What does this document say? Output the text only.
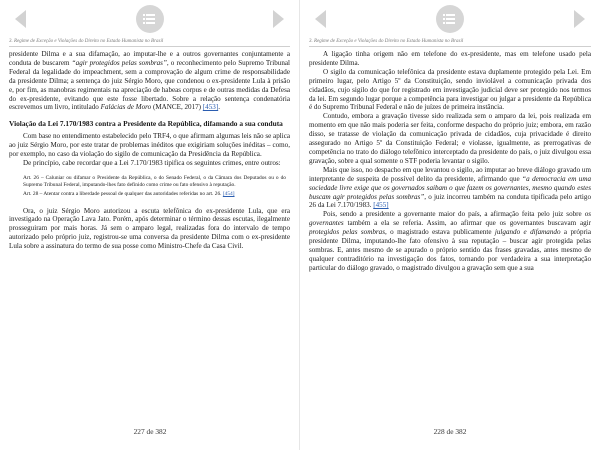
3. Regime de Exceção e Violações do Direito no Estado Humanista no Brasil

presidente Dilma e a sua difamação, ao imputar-lhe e a outros governantes conjuntamente a conduta de buscarem “agir protegidos pelas sombras”, o reconhecimento pelo Supremo Tribunal Federal da legalidade do impeachment, sem a comprovação de algum crime de responsabilidade da presidente Dilma; a sentença do juiz Sérgio Moro, que condenou o ex-presidente Lula à prisão e, por fim, as manobras regimentais na apreciação de habeas corpus e de outras medidas da Defesa do ex-presidente, evitando que este fosse libertado. Sobre a relação sentença condenatória escrevemos um livro, intitulado Falácias de Moro (MANCE, 2017) [453].

Violação da Lei 7.170/1983 contra a Presidente da República, difamando a sua conduta

Com base no entendimento estabelecido pelo TRF4, o que afirmam algumas leis não se aplica ao juiz Sérgio Moro, por este tratar de problemas inéditos que exigiriam soluções inéditas – como, por exemplo, no caso da violação do sigilo de comunicação da Presidência da República.

De princípio, cabe recordar que a Lei 7.170/1983 tipifica os seguintes crimes, entre outros:

Art. 26 – Caluniar ou difamar o Presidente da República, o do Senado Federal, o da Câmara dos Deputados ou o do Supremo Tribunal Federal, imputando-lhes fato definido como crime ou fato ofensivo à reputação.

Art. 28 – Atentar contra a liberdade pessoal de qualquer das autoridades referidas no art. 26. [454]

Ora, o juiz Sérgio Moro autorizou a escuta telefônica do ex-presidente Lula, que era investigado na Operação Lava Jato. Porém, após determinar o término dessas escutas, ilegalmente prosseguiram por mais horas. Já sem o amparo legal, realizadas fora do intervalo de tempo autorizado pelo próprio juiz, registrou-se uma conversa da presidente Dilma com o ex-presidente Lula sobre a assinatura do termo de sua posse como Ministro-Chefe da Casa Civil.

227 de 382
3. Regime de Exceção e Violações do Direito no Estado Humanista no Brasil

A ligação tinha origem não em telefone do ex-presidente, mas em telefone usado pela presidente Dilma.

O sigilo da comunicação telefônica da presidente estava duplamente protegido pela Lei. Em primeiro lugar, pelo Artigo 5º da Constituição, sendo inviolável a comunicação privada dos cidadãos, cujo sigilo do que for registrado em investigação judicial deve ser protegido nos termos da lei. Em segundo lugar porque a competência para investigar ou julgar a presidente da República é do Supremo Tribunal Federal e não de juízes de primeira instância.

Contudo, embora a gravação tivesse sido realizada sem o amparo da lei, pois realizada em momento em que não mais poderia ser feita, conforme despacho do próprio juiz; embora, em razão disso, se tratasse de violação da comunicação privada de cidadãos, cuja privacidade é direito assegurado no Artigo 5º da Constituição Federal; e violasse, igualmente, as prerrogativas de competência no trato do diálogo telefônico interceptado da presidente do país, o juiz divulgou essa gravação, sobre a qual somente o STF poderia levantar o sigilo.

Mais que isso, no despacho em que levantou o sigilo, ao imputar ao breve diálogo gravado um interpretante de suspeita de possível delito da presidente, afirmando que “a democracia em uma sociedade livre exige que os governados saibam o que fazem os governantes, mesmo quando estes buscam agir protegidos pelas sombras”, o juiz incorreu também na conduta tipificada pelo artigo 26 da Lei 7.170/1983. [455]

Pois, sendo a presidente a governante maior do país, a afirmação feita pelo juiz sobre os governantes também a ela se referia. Assim, ao afirmar que os governantes buscavam agir protegidos pelas sombras, o magistrado estava publicamente julgando e difamando a própria presidente Dilma, imputando-lhe fato ofensivo à sua reputação – buscar agir protegida pelas sombras. E, antes mesmo de se apurado o próprio sentido das frases gravadas, antes mesmo de qualquer contraditório na investigação dos fatos, tornando por verdadeira a sua interpretação particular do diálogo gravado, o magistrado divulgou a gravação sem que a sua

228 de 382
